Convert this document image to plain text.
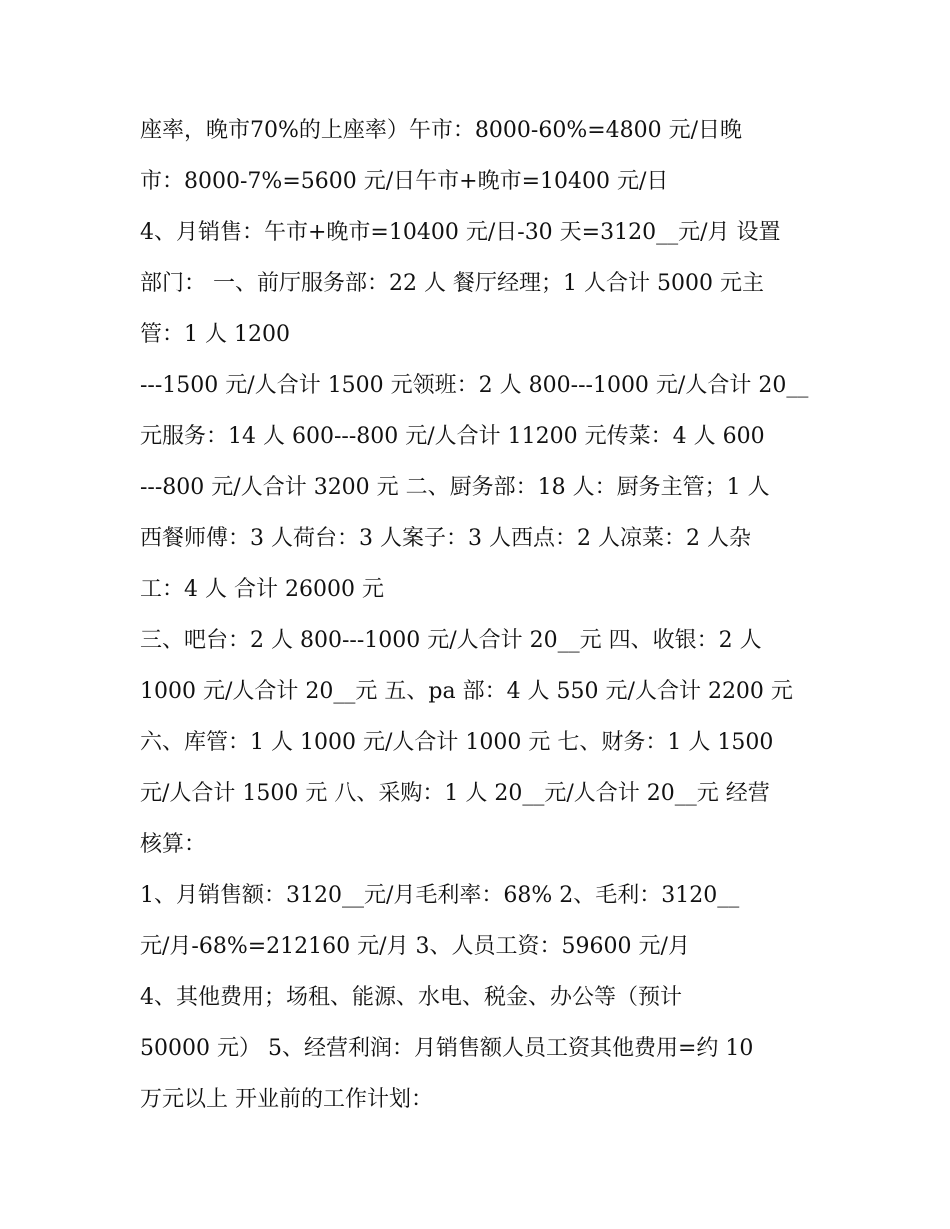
座率，晚市70%的上座率）午市：8000-60%=4800 元/日晚
市：8000-7%=5600 元/日午市+晚市=10400 元/日
4、月销售：午市+晚市=10400 元/日-30 天=3120__元/月 设置
部门： 一、前厅服务部：22 人 餐厅经理；1 人合计 5000 元主
管：1 人 1200
---1500 元/人合计 1500 元领班：2 人 800---1000 元/人合计 20__
元服务：14 人 600---800 元/人合计 11200 元传菜：4 人 600
---800 元/人合计 3200 元 二、厨务部：18 人：厨务主管；1 人
西餐师傅：3 人荷台：3 人案子：3 人西点：2 人凉菜：2 人杂
工：4 人 合计 26000 元
三、吧台：2 人 800---1000 元/人合计 20__元 四、收银：2 人
1000 元/人合计 20__元 五、pa 部：4 人 550 元/人合计 2200 元
六、库管：1 人 1000 元/人合计 1000 元 七、财务：1 人 1500
元/人合计 1500 元 八、采购：1 人 20__元/人合计 20__元 经营
核算：
1、月销售额：3120__元/月毛利率：68% 2、毛利：3120__
元/月-68%=212160 元/月 3、人员工资：59600 元/月
4、其他费用；场租、能源、水电、税金、办公等（预计
50000 元） 5、经营利润：月销售额人员工资其他费用=约 10
万元以上 开业前的工作计划：
